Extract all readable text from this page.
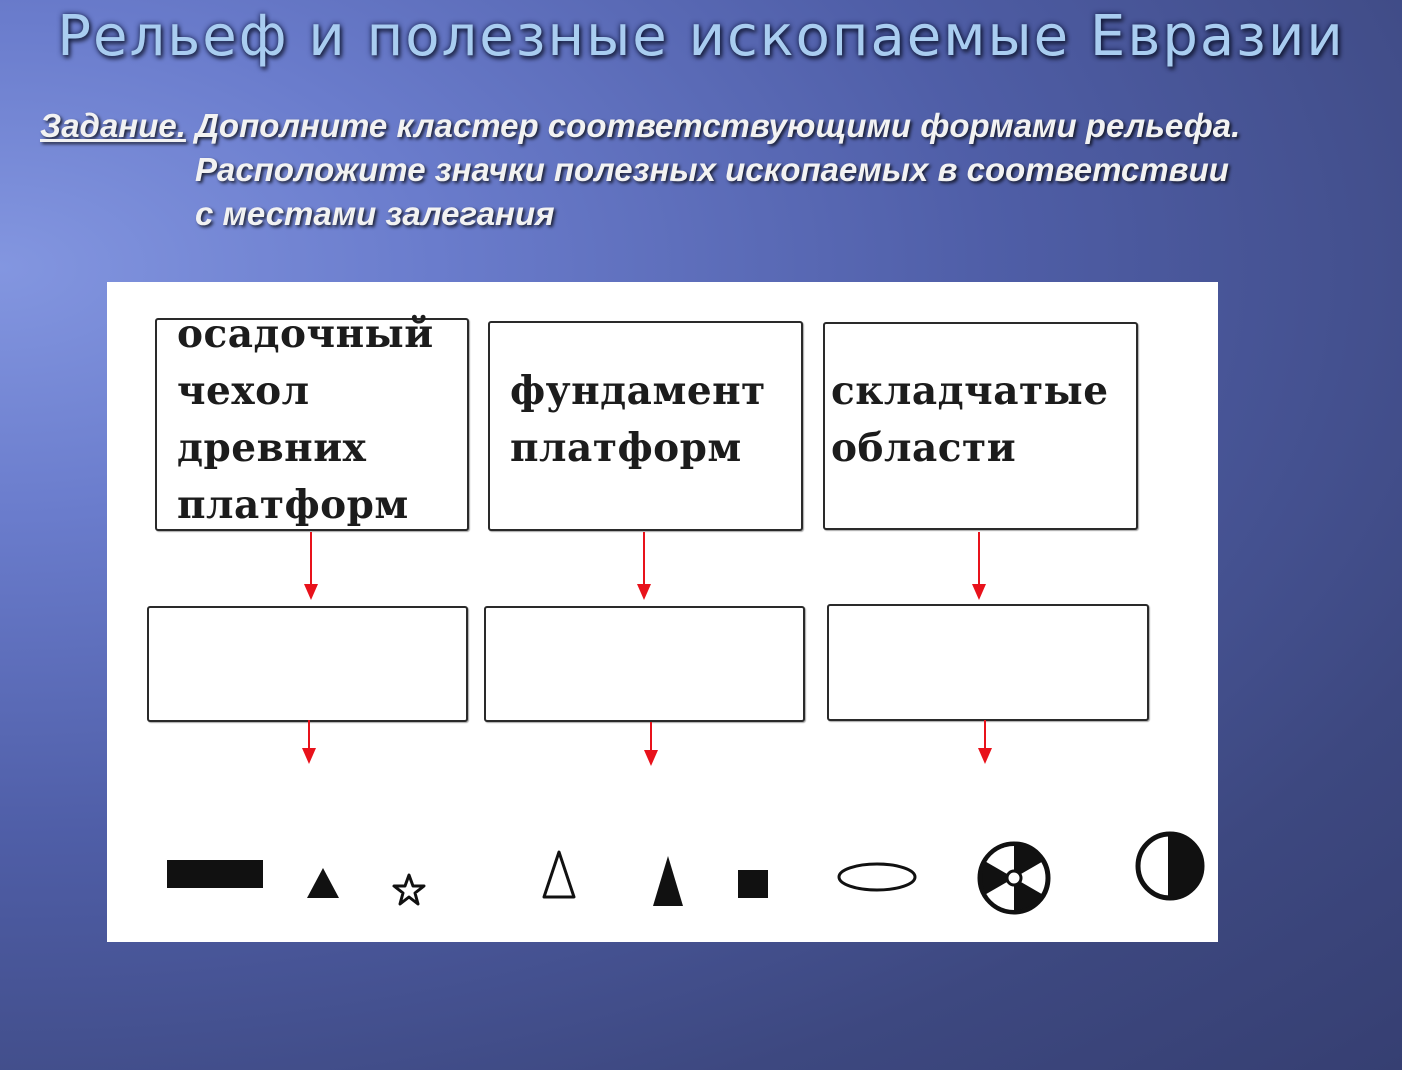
Рельеф и полезные ископаемые Евразии
Задание. Дополните кластер соответствующими формами рельефа.
Расположите значки полезных ископаемых в соответствии
с местами залегания
осадочный
чехол
древних
платформ
фундамент
платформ
складчатые
области
